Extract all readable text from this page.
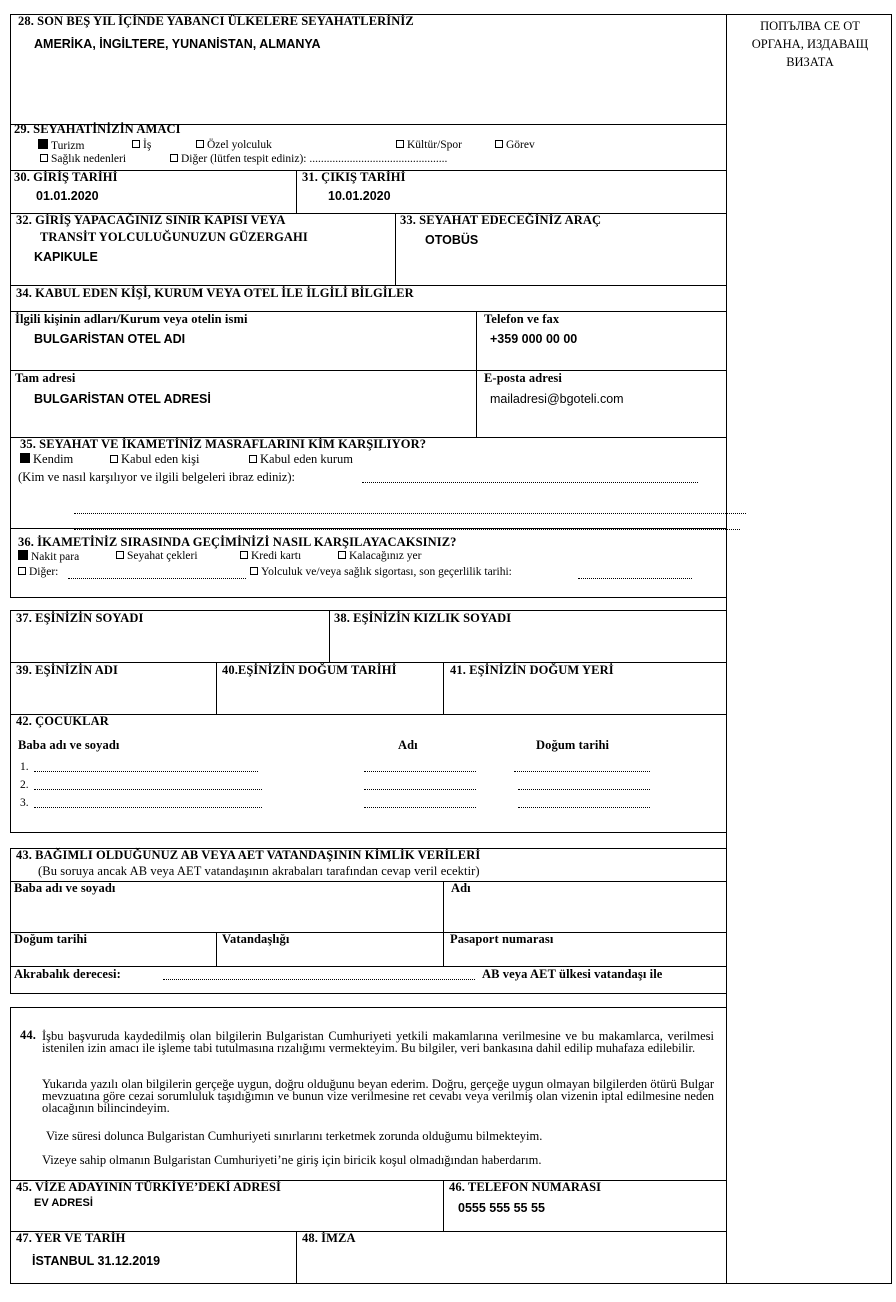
ПОПЪЛВА СЕ ОТ ОРГАНА, ИЗДАВАЩ ВИЗАТА
28. SON BEŞ YIL İÇİNDE YABANCI ÜLKELERE SEYAHATLERİNİZ
AMERİKA, İNGİLTERE, YUNANİSTAN, ALMANYA
29. SEYAHATİNİZİN AMACI
Turizm	İş	Özel yolculuk	Kültür/Spor	Görev
Sağlık nedenleri	Diğer (lütfen tespit ediniz): ................................................
30. GİRİŞ TARİHİ
01.01.2020
31. ÇIKIŞ TARİHİ
10.01.2020
32. GİRİŞ YAPACAĞINIZ SINIR KAPISI VEYA
TRANSİT YOLCULUĞUNUZUN GÜZERGAHI
KAPIKULE
33. SEYAHAT EDECEĞİNİZ ARAÇ
OTOBÜS
34. KABUL EDEN KİŞİ, KURUM VEYA OTEL İLE İLGİLİ BİLGİLER
İlgili kişinin adları/Kurum veya otelin ismi
BULGARİSTAN OTEL ADI
Telefon ve fax
+359 000 00 00
Tam adresi
BULGARİSTAN OTEL ADRESİ
E-posta adresi
mailadresi@bgoteli.com
35. SEYAHAT VE İKAMETİNİZ MASRAFLARINI KİM KARŞILIYOR?
Kendim	Kabul eden kişi	Kabul eden kurum
(Kim ve nasıl karşılıyor ve ilgili belgeleri ibraz ediniz):
36. İKAMETİNİZ SIRASINDA GEÇİMİNİZİ NASIL KARŞILAYACAKSINIZ?
Nakit para	Seyahat çekleri	Kredi kartı	Kalacağınız yer
Diğer:	Yolculuk ve/veya sağlık sigortası, son geçerlilik tarihi:
37. EŞİNİZİN SOYADI	38. EŞİNİZİN KIZLIK SOYADI
39. EŞİNİZİN ADI	40.EŞİNİZİN DOĞUM TARİHİ	41. EŞİNİZİN DOĞUM YERİ
42. ÇOCUKLAR
Baba adı ve soyadı	Adı	Doğum tarihi
1.
2.
3.
43. BAĞIMLI OLDUĞUNUZ AB VEYA AET VATANDAŞININ KİMLİK VERİLERİ
(Bu soruya ancak AB veya AET vatandaşının akrabaları tarafından cevap veril ecektir)
Baba adı ve soyadı	Adı
Doğum tarihi	Vatandaşlığı	Pasaport numarası
Akrabalık derecesi:	AB veya AET ülkesi vatandaşı ile
44. İşbu başvuruda kaydedilmiş olan bilgilerin Bulgaristan Cumhuriyeti yetkili makamlarına verilmesine ve bu makamlarca, verilmesi istenilen izin amacı ile işleme tabi tutulmasına rızalığımı vermekteyim. Bu bilgiler, veri bankasına dahil edilip muhafaza edilebilir.
Yukarıda yazılı olan bilgilerin gerçeğe uygun, doğru olduğunu beyan ederim. Doğru, gerçeğe uygun olmayan bilgilerden ötürü Bulgar mevzuatına göre cezai sorumluluk taşıdığımın ve bunun vize verilmesine ret cevabı veya verilmiş olan vizenin iptal edilmesine neden olacağının bilincindeyim.
Vize süresi dolunca Bulgaristan Cumhuriyeti sınırlarını terketmek zorunda olduğumu bilmekteyim.
Vizeye sahip olmanın Bulgaristan Cumhuriyeti’ne giriş için biricik koşul olmadığından haberdarım.
45. VİZE ADAYININ TÜRKİYE’DEKİ ADRESİ
EV ADRESİ
46. TELEFON NUMARASI
0555 555 55 55
47. YER VE TARİH
İSTANBUL 31.12.2019
48. İMZA
